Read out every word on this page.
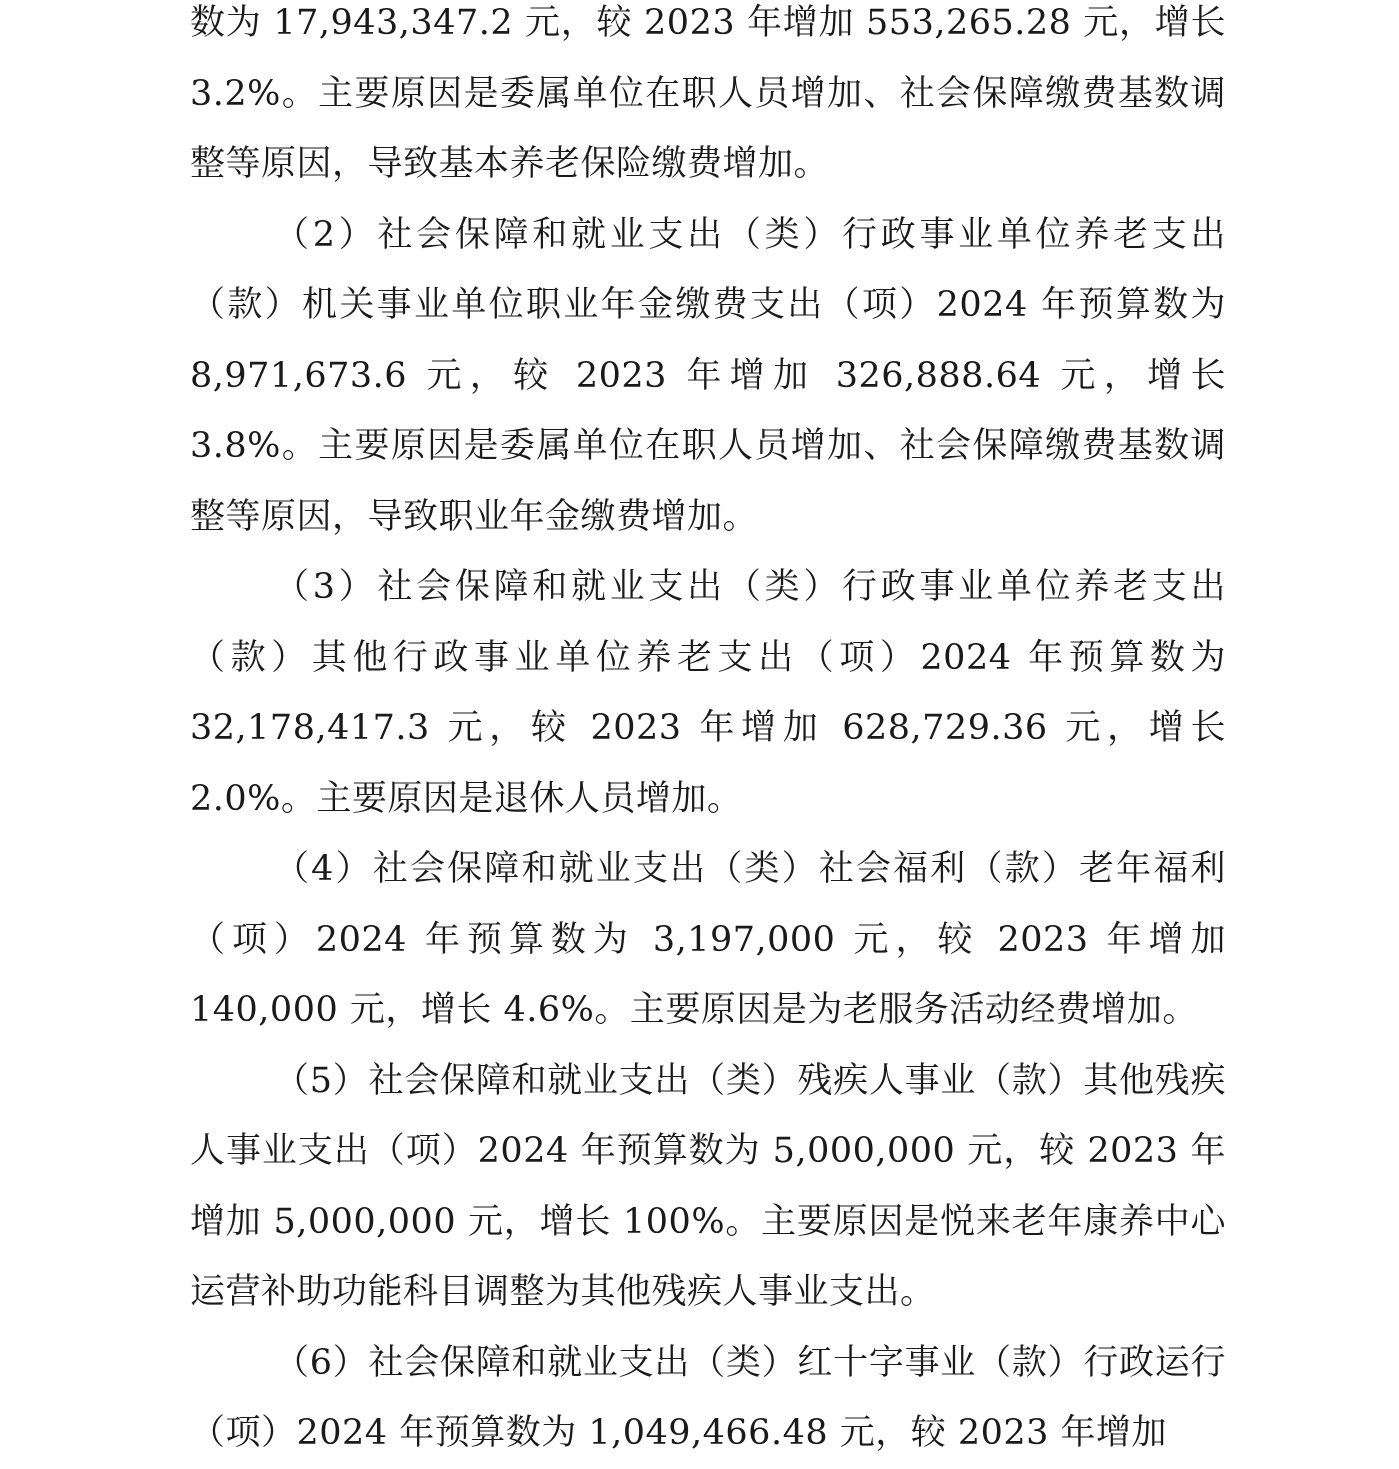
数为 17,943,347.2 元，较 2023 年增加 553,265.28 元，增长 3.2%。主要原因是委属单位在职人员增加、社会保障缴费基数调整等原因，导致基本养老保险缴费增加。

（2）社会保障和就业支出（类）行政事业单位养老支出（款）机关事业单位职业年金缴费支出（项）2024 年预算数为 8,971,673.6 元，较 2023 年增加 326,888.64 元，增长 3.8%。主要原因是委属单位在职人员增加、社会保障缴费基数调整等原因，导致职业年金缴费增加。

（3）社会保障和就业支出（类）行政事业单位养老支出（款）其他行政事业单位养老支出（项）2024 年预算数为 32,178,417.3 元，较 2023 年增加 628,729.36 元，增长 2.0%。主要原因是退休人员增加。

（4）社会保障和就业支出（类）社会福利（款）老年福利（项）2024 年预算数为 3,197,000 元，较 2023 年增加 140,000 元，增长 4.6%。主要原因是为老服务活动经费增加。

（5）社会保障和就业支出（类）残疾人事业（款）其他残疾人事业支出（项）2024 年预算数为 5,000,000 元，较 2023 年增加 5,000,000 元，增长 100%。主要原因是悦来老年康养中心运营补助功能科目调整为其他残疾人事业支出。

（6）社会保障和就业支出（类）红十字事业（款）行政运行（项）2024 年预算数为 1,049,466.48 元，较 2023 年增加
